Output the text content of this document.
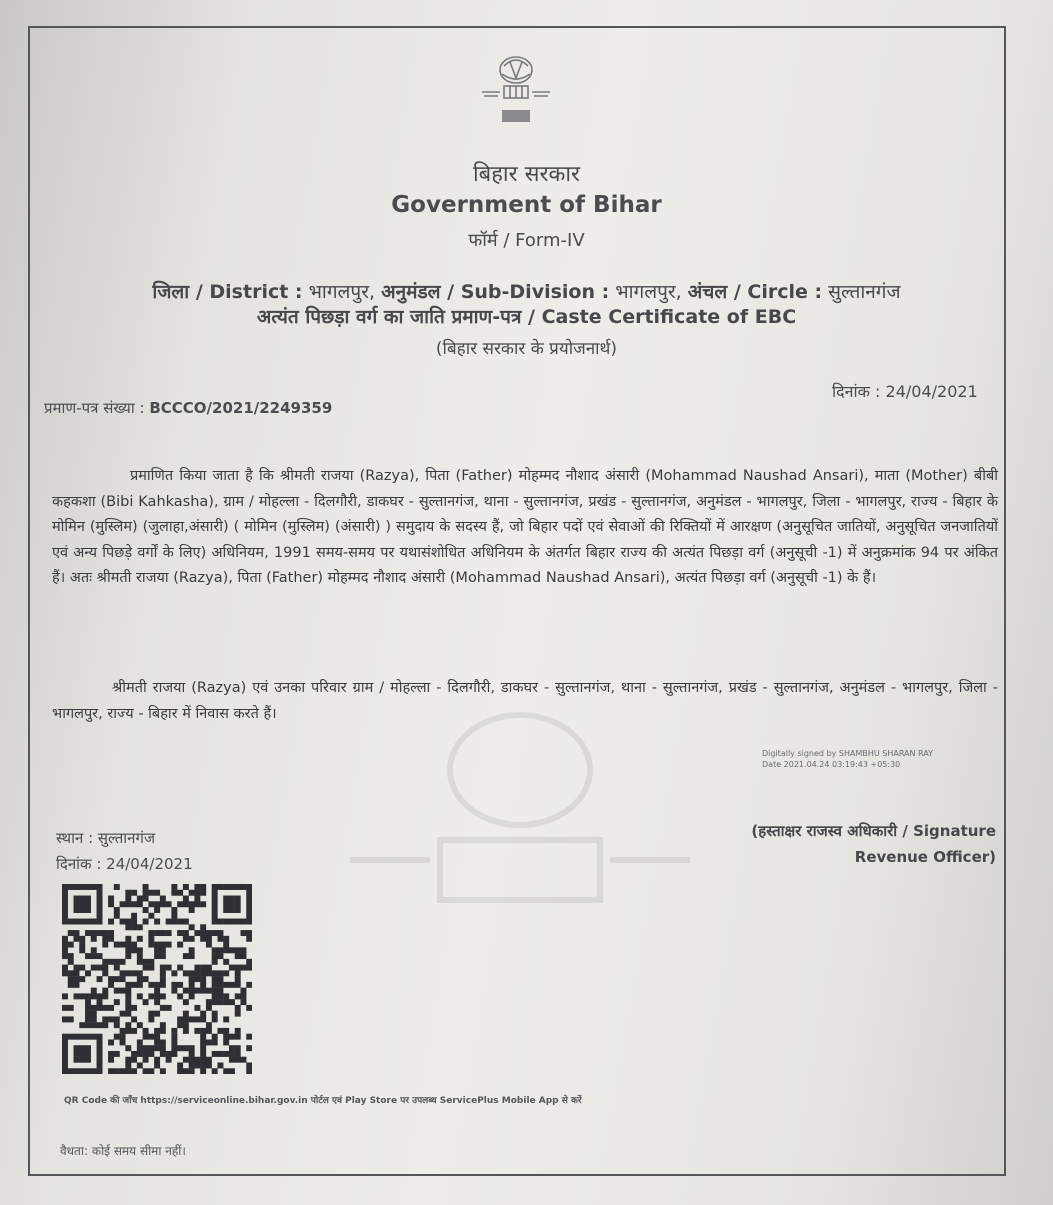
बिहार सरकार
Government of Bihar
फॉर्म / Form-IV
जिला / District : भागलपुर, अनुमंडल / Sub-Division : भागलपुर, अंचल / Circle : सुल्तानगंज
अत्यंत पिछड़ा वर्ग का जाति प्रमाण-पत्र / Caste Certificate of EBC
(बिहार सरकार के प्रयोजनार्थ)
दिनांक : 24/04/2021
प्रमाण-पत्र संख्या : BCCCO/2021/2249359
प्रमाणित किया जाता है कि श्रीमती राजया (Razya), पिता (Father) मोहम्मद नौशाद अंसारी (Mohammad Naushad Ansari), माता (Mother) बीबी कहकशा (Bibi Kahkasha), ग्राम / मोहल्ला - दिलगौरी, डाकघर - सुल्तानगंज, थाना - सुल्तानगंज, प्रखंड - सुल्तानगंज, अनुमंडल - भागलपुर, जिला - भागलपुर, राज्य - बिहार के मोमिन (मुस्लिम) (जुलाहा,अंसारी) ( मोमिन (मुस्लिम) (अंसारी) ) समुदाय के सदस्य हैं, जो बिहार पदों एवं सेवाओं की रिक्तियों में आरक्षण (अनुसूचित जातियों, अनुसूचित जनजातियों एवं अन्य पिछड़े वर्गों के लिए) अधिनियम, 1991 समय-समय पर यथासंशोधित अधिनियम के अंतर्गत बिहार राज्य की अत्यंत पिछड़ा वर्ग (अनुसूची -1) में अनुक्रमांक 94 पर अंकित हैं। अतः श्रीमती राजया (Razya), पिता (Father) मोहम्मद नौशाद अंसारी (Mohammad Naushad Ansari), अत्यंत पिछड़ा वर्ग (अनुसूची -1) के हैं।
श्रीमती राजया (Razya) एवं उनका परिवार ग्राम / मोहल्ला - दिलगौरी, डाकघर - सुल्तानगंज, थाना - सुल्तानगंज, प्रखंड - सुल्तानगंज, अनुमंडल - भागलपुर, जिला - भागलपुर, राज्य - बिहार में निवास करते हैं।
Digitally signed by SHAMBHU SHARAN RAY
Date 2021.04.24 03:19:43 +05:30
स्थान : सुल्तानगंज
दिनांक : 24/04/2021
(हस्ताक्षर राजस्व अधिकारी / Signature
Revenue Officer)
QR Code की जाँच https://serviceonline.bihar.gov.in पोर्टल एवं Play Store पर उपलब्ध ServicePlus Mobile App से करें
वैधता: कोई समय सीमा नहीं।
